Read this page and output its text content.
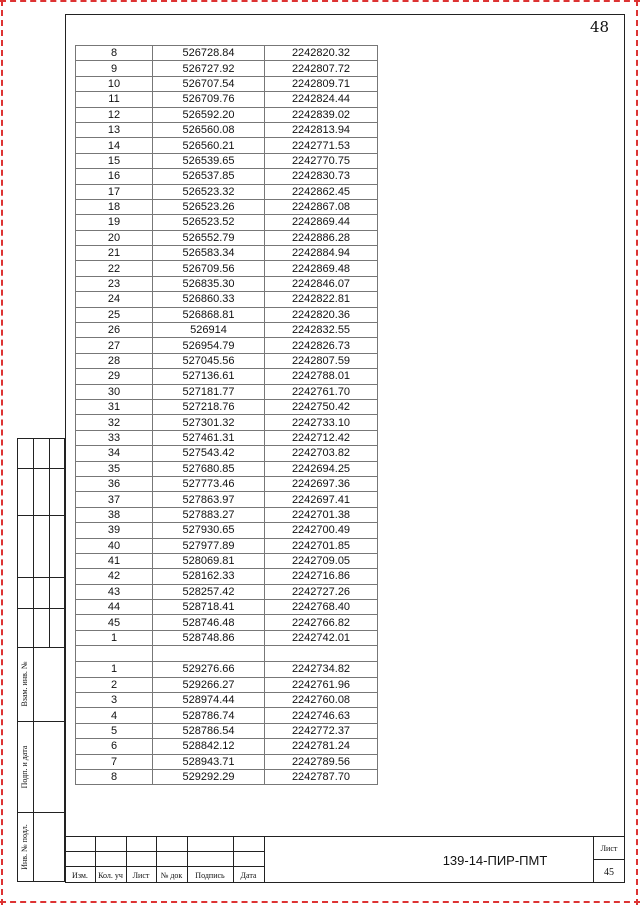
48
8	526728.84	2242820.32
9	526727.92	2242807.72
10	526707.54	2242809.71
11	526709.76	2242824.44
12	526592.20	2242839.02
13	526560.08	2242813.94
14	526560.21	2242771.53
15	526539.65	2242770.75
16	526537.85	2242830.73
17	526523.32	2242862.45
18	526523.26	2242867.08
19	526523.52	2242869.44
20	526552.79	2242886.28
21	526583.34	2242884.94
22	526709.56	2242869.48
23	526835.30	2242846.07
24	526860.33	2242822.81
25	526868.81	2242820.36
26	526914	2242832.55
27	526954.79	2242826.73
28	527045.56	2242807.59
29	527136.61	2242788.01
30	527181.77	2242761.70
31	527218.76	2242750.42
32	527301.32	2242733.10
33	527461.31	2242712.42
34	527543.42	2242703.82
35	527680.85	2242694.25
36	527773.46	2242697.36
37	527863.97	2242697.41
38	527883.27	2242701.38
39	527930.65	2242700.49
40	527977.89	2242701.85
41	528069.81	2242709.05
42	528162.33	2242716.86
43	528257.42	2242727.26
44	528718.41	2242768.40
45	528746.48	2242766.82
1	528748.86	2242742.01

1	529276.66	2242734.82
2	529266.27	2242761.96
3	528974.44	2242760.08
4	528786.74	2242746.63
5	528786.54	2242772.37
6	528842.12	2242781.24
7	528943.71	2242789.56
8	529292.29	2242787.70
Взам. инв. №
Подп. и дата
Инв. № подл.
Изм.	Кол. уч	Лист	№ док	Подпись	Дата
139-14-ПИР-ПМТ
Лист
45
